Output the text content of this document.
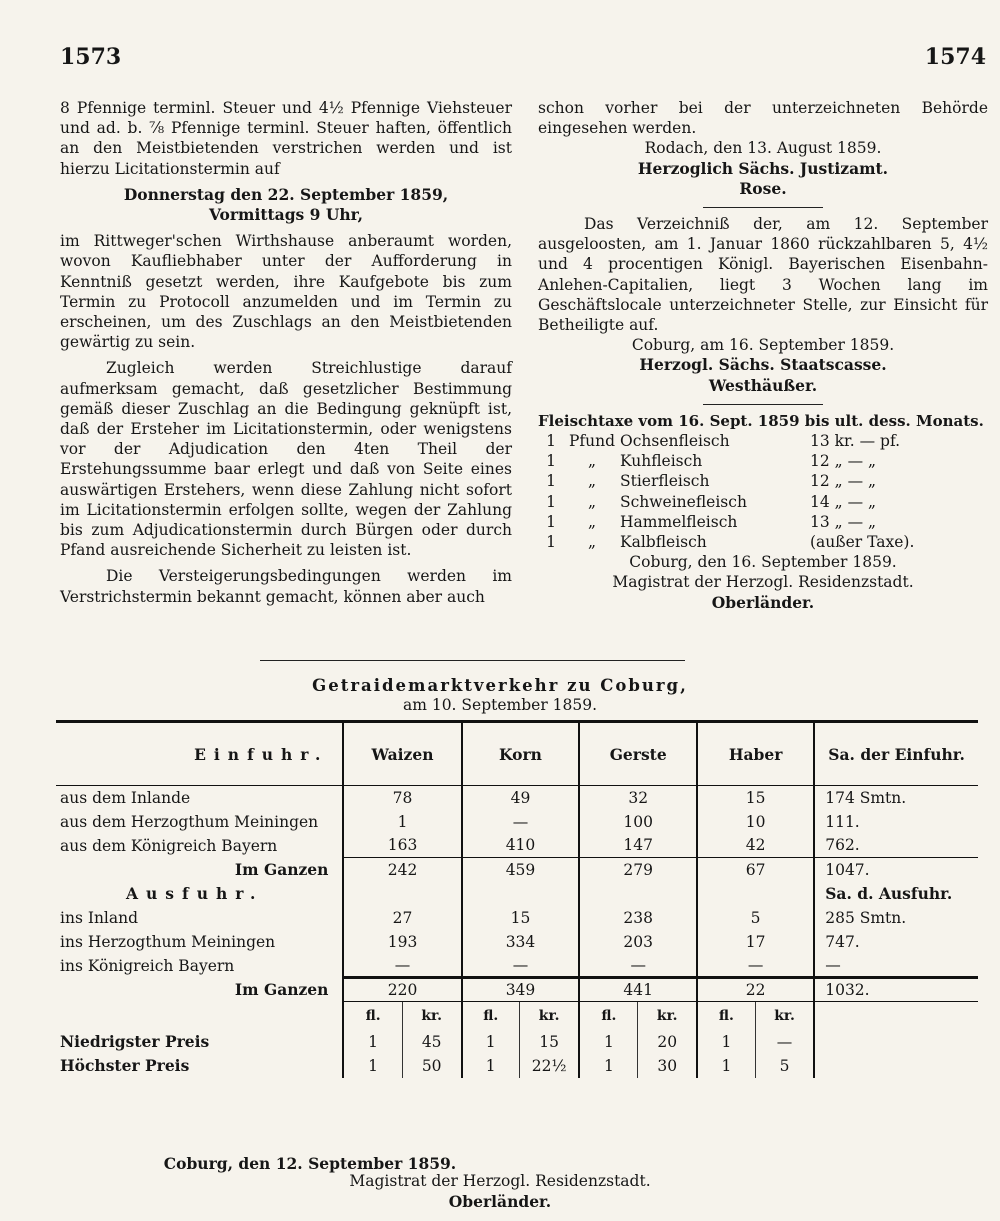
1573	1574

8 Pfennige terminl. Steuer und 4½ Pfennige Viehsteuer und ad. b. ⅞ Pfennige terminl. Steuer haften, öffentlich an den Meistbietenden verstrichen werden und ist hierzu Licitationstermin auf

Donnerstag den 22. September 1859,

Vormittags 9 Uhr,

im Rittweger'schen Wirthshause anberaumt worden, wovon Kaufliebhaber unter der Aufforderung in Kenntniß gesetzt werden, ihre Kaufgebote bis zum Termin zu Protocoll anzumelden und im Termin zu erscheinen, um des Zuschlags an den Meistbietenden gewärtig zu sein.

Zugleich werden Streichlustige darauf aufmerksam gemacht, daß gesetzlicher Bestimmung gemäß dieser Zuschlag an die Bedingung geknüpft ist, daß der Ersteher im Licitationstermin, oder wenigstens vor der Adjudication den 4ten Theil der Erstehungssumme baar erlegt und daß von Seite eines auswärtigen Erstehers, wenn diese Zahlung nicht sofort im Licitationstermin erfolgen sollte, wegen der Zahlung bis zum Adjudicationstermin durch Bürgen oder durch Pfand ausreichende Sicherheit zu leisten ist.

Die Versteigerungsbedingungen werden im Verstrichstermin bekannt gemacht, können aber auch

schon vorher bei der unterzeichneten Behörde eingesehen werden.

Rodach, den 13. August 1859.

Herzoglich Sächs. Justizamt.

Rose.

Das Verzeichniß der, am 12. September ausgeloosten, am 1. Januar 1860 rückzahlbaren 5, 4½ und 4 procentigen Königl. Bayerischen Eisenbahn-Anlehen-Capitalien, liegt 3 Wochen lang im Geschäftslocale unterzeichneter Stelle, zur Einsicht für Betheiligte auf.

Coburg, am 16. September 1859.

Herzogl. Sächs. Staatscasse.

Westhäußer.

Fleischtaxe vom 16. Sept. 1859 bis ult. dess. Monats.

1	Pfund	Ochsenfleisch	13 kr. — pf.
1	„	Kuhfleisch	12 „ — „
1	„	Stierfleisch	12 „ — „
1	„	Schweinefleisch	14 „ — „
1	„	Hammelfleisch	13 „ — „
1	„	Kalbfleisch	(außer Taxe).

Coburg, den 16. September 1859.

Magistrat der Herzogl. Residenzstadt.

Oberländer.

Getraidemarktverkehr zu Coburg,
am 10. September 1859.
Einfuhr.	Waizen		Korn		Gerste		Haber		Sa. der Einfuhr.
aus dem Inlande	78		49		32		15		174 Smtn.
aus dem Herzogthum Meiningen	1		—		100		10		111.
aus dem Königreich Bayern	163		410		147		42		762.
Im Ganzen	242		459		279		67		1047.
Ausfuhr.									Sa. d. Ausfuhr.
ins Inland	27		15		238		5		285 Smtn.
ins Herzogthum Meiningen	193		334		203		17		747.
ins Königreich Bayern	—		—		—		—		—
Im Ganzen	220		349		441		22		1032.
	fl.	kr.	fl.	kr.	fl.	kr.	fl.	kr.	
Niedrigster Preis	1	45	1	15	1	20	1	—	
Höchster Preis	1	50	1	22½	1	30	1	5	
Coburg, den 12. September 1859.
Magistrat der Herzogl. Residenzstadt.
Oberländer.
